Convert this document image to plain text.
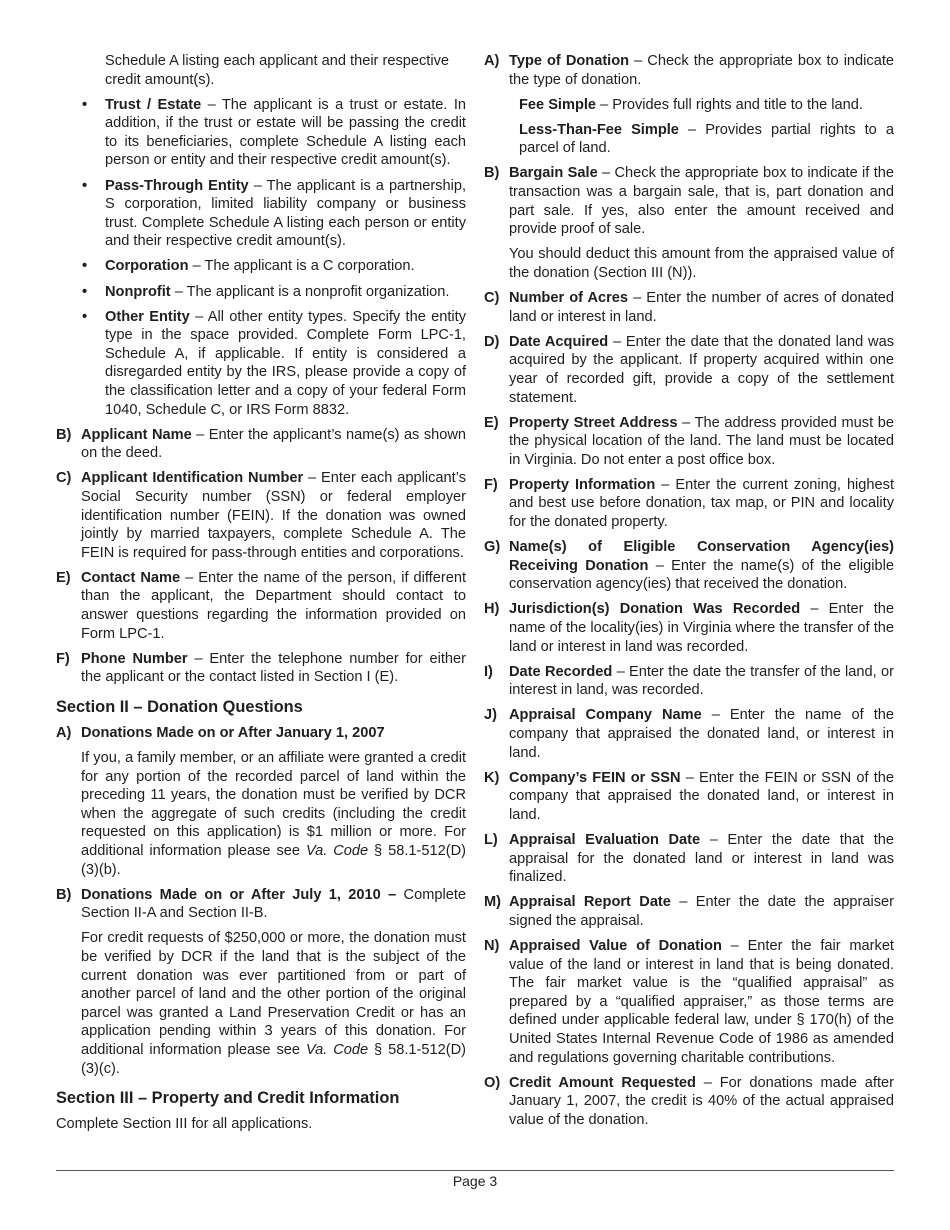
Schedule A listing each applicant and their respective credit amount(s).

• Trust / Estate – The applicant is a trust or estate. In addition, if the trust or estate will be passing the credit to its beneficiaries, complete Schedule A listing each person or entity and their respective credit amount(s).
• Pass-Through Entity – The applicant is a partnership, S corporation, limited liability company or business trust. Complete Schedule A listing each person or entity and their respective credit amount(s).
• Corporation – The applicant is a C corporation.
• Nonprofit – The applicant is a nonprofit organization.
• Other Entity – All other entity types. Specify the entity type in the space provided. Complete Form LPC-1, Schedule A, if applicable. If entity is considered a disregarded entity by the IRS, please provide a copy of the classification letter and a copy of your federal Form 1040, Schedule C, or IRS Form 8832.
B) Applicant Name – Enter the applicant’s name(s) as shown on the deed.
C) Applicant Identification Number – Enter each applicant’s Social Security number (SSN) or federal employer identification number (FEIN). If the donation was owned jointly by married taxpayers, complete Schedule A. The FEIN is required for pass-through entities and corporations.
E) Contact Name – Enter the name of the person, if different than the applicant, the Department should contact to answer questions regarding the information provided on Form LPC-1.
F) Phone Number – Enter the telephone number for either the applicant or the contact listed in Section I (E).
Section II – Donation Questions
A) Donations Made on or After January 1, 2007

If you, a family member, or an affiliate were granted a credit for any portion of the recorded parcel of land within the preceding 11 years, the donation must be verified by DCR when the aggregate of such credits (including the credit requested on this application) is $1 million or more. For additional information please see Va. Code § 58.1-512(D)(3)(b).

B) Donations Made on or After July 1, 2010 – Complete Section II-A and Section II-B.

For credit requests of $250,000 or more, the donation must be verified by DCR if the land that is the subject of the current donation was ever partitioned from or part of another parcel of land and the other portion of the original parcel was granted a Land Preservation Credit or has an application pending within 3 years of this donation. For additional information please see Va. Code § 58.1-512(D)(3)(c).

Section III – Property and Credit Information

Complete Section III for all applications.

A) Type of Donation – Check the appropriate box to indicate the type of donation.

Fee Simple – Provides full rights and title to the land.

Less-Than-Fee Simple – Provides partial rights to a parcel of land.

B) Bargain Sale – Check the appropriate box to indicate if the transaction was a bargain sale, that is, part donation and part sale. If yes, also enter the amount received and provide proof of sale.

You should deduct this amount from the appraised value of the donation (Section III (N)).

C) Number of Acres – Enter the number of acres of donated land or interest in land.
D) Date Acquired – Enter the date that the donated land was acquired by the applicant. If property acquired within one year of recorded gift, provide a copy of the settlement statement.
E) Property Street Address – The address provided must be the physical location of the land. The land must be located in Virginia. Do not enter a post office box.
F) Property Information – Enter the current zoning, highest and best use before donation, tax map, or PIN and locality for the donated property.
G) Name(s) of Eligible Conservation Agency(ies) Receiving Donation – Enter the name(s) of the eligible conservation agency(ies) that received the donation.
H) Jurisdiction(s) Donation Was Recorded – Enter the name of the locality(ies) in Virginia where the transfer of the land or interest in land was recorded.
I) Date Recorded – Enter the date the transfer of the land, or interest in land, was recorded.
J) Appraisal Company Name – Enter the name of the company that appraised the donated land, or interest in land.
K) Company’s FEIN or SSN – Enter the FEIN or SSN of the company that appraised the donated land, or interest in land.
L) Appraisal Evaluation Date – Enter the date that the appraisal for the donated land or interest in land was finalized.
M) Appraisal Report Date – Enter the date the appraiser signed the appraisal.
N) Appraised Value of Donation – Enter the fair market value of the land or interest in land that is being donated. The fair market value is the “qualified appraisal” as prepared by a “qualified appraiser,” as those terms are defined under applicable federal law, under § 170(h) of the United States Internal Revenue Code of 1986 as amended and regulations governing charitable contributions.
O) Credit Amount Requested – For donations made after January 1, 2007, the credit is 40% of the actual appraised value of the donation.
Page 3
